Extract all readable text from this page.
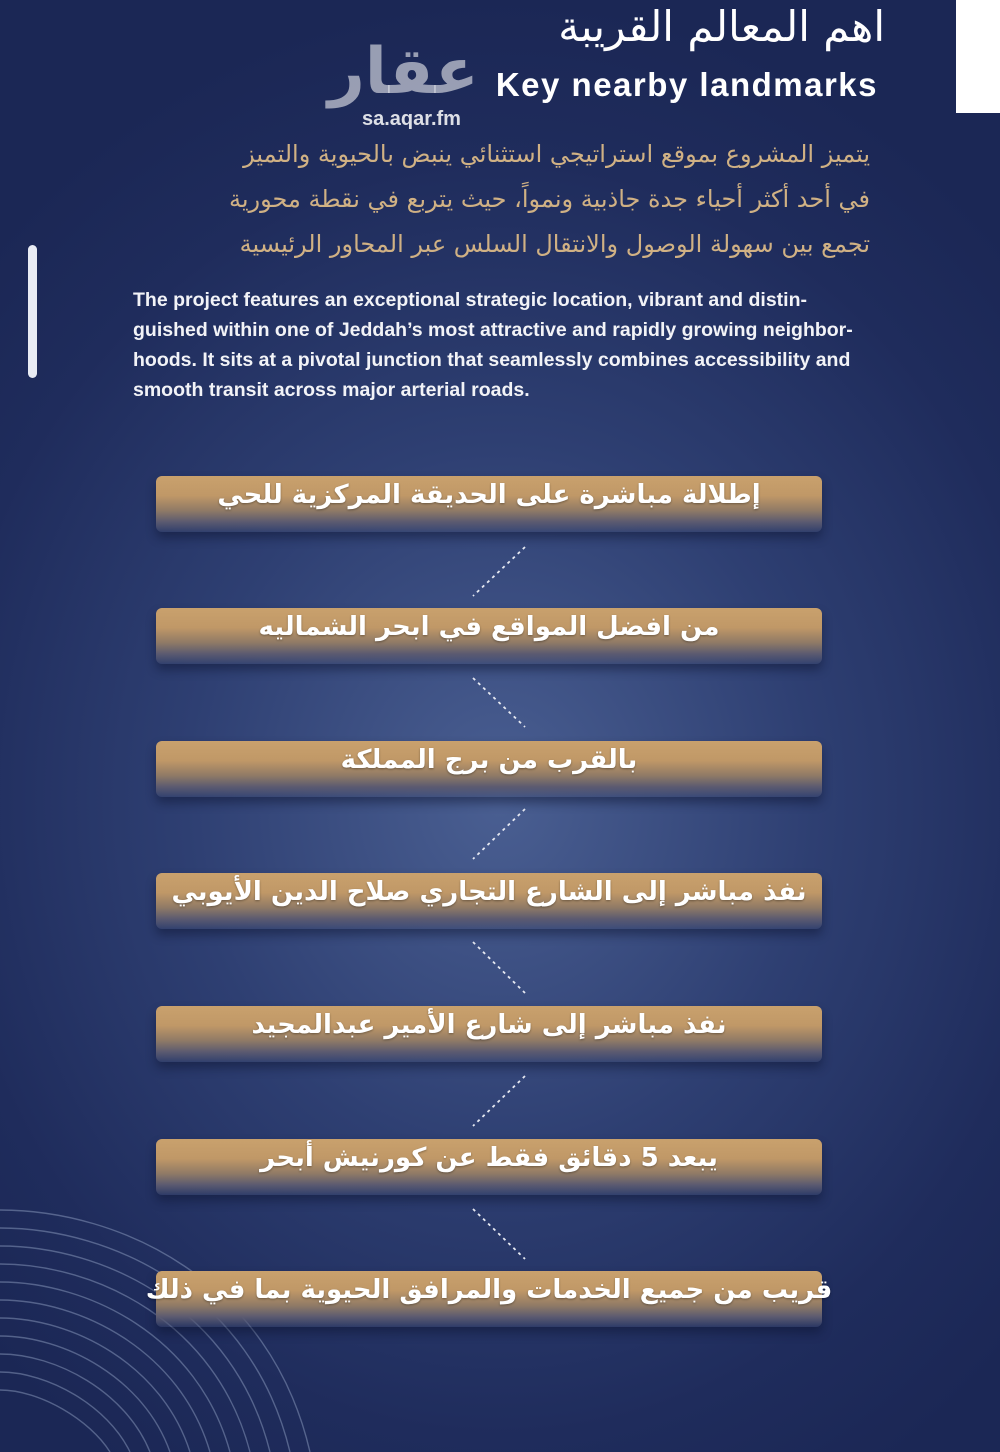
اهم المعالم القريبة
Key nearby landmarks
عقار
sa.aqar.fm
يتميز المشروع بموقع استراتيجي استثنائي ينبض بالحيوية والتميز
في أحد أكثر أحياء جدة جاذبية ونمواً، حيث يتربع في نقطة محورية
تجمع بين سهولة الوصول والانتقال السلس عبر المحاور الرئيسية
The project features an exceptional strategic location, vibrant and distin-
guished within one of Jeddah’s most attractive and rapidly growing neighbor-
hoods. It sits at a pivotal junction that seamlessly combines accessibility and
smooth transit across major arterial roads.
إطلالة مباشرة على الحديقة المركزية للحي
من افضل المواقع في ابحر الشماليه
بالقرب من برج المملكة
نفذ مباشر إلى الشارع التجاري صلاح الدين الأيوبي
نفذ مباشر إلى شارع الأمير عبدالمجيد
يبعد 5 دقائق فقط عن كورنيش أبحر
قريب من جميع الخدمات والمرافق الحيوية بما في ذلك
